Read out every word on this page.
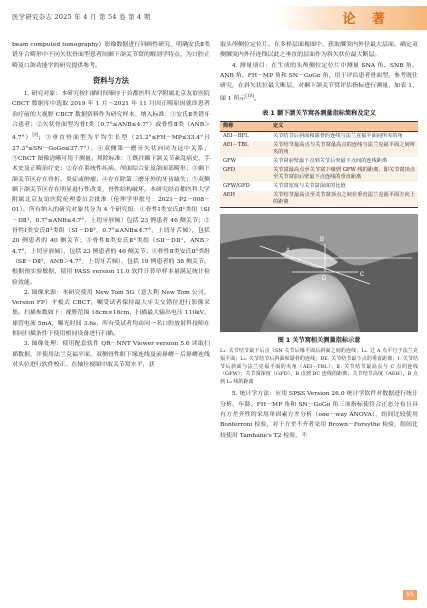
医学研究杂志 2025 年 4 月 第 54 卷 第 4 期	论 著

beam computed tomography）影像数据进行回顾性研究，明确安氏Ⅱ类错牙合畸形中不同矢状骨面型患者间颞下颌关节窝的解剖学特点，为口腔正畸及口颌功能学的研究提供参考。

资料与方法

1. 研究对象：本研究按扫描时间顺序于首都医科大学附属北京友谊医院 CBCT 数据库中选取 2019 年 1 月～2021 年 11 月因正畸原因就诊患者治疗前的大视野 CBCT 数据资料作为研究样本。纳入标准：①安氏Ⅱ类错牙合患者；②矢状骨面型为骨Ⅰ类（0.7°≤ANB≤4.7°）或骨性Ⅱ类（ANB＞4.7°）[9]；③垂直骨面型为平均生长型（21.2°≤FH－MP≤33.4°且 27.3°≤SN－GoGo≤37.7°）；④双侧第一磨牙矢状向同为远中关系；⑤CBCT 图像清晰可用于测量。排除标准：①既往颞下颌关节紊乱病史、手术史及正畸治疗史；②存在系统性疾病、颅面综合征及颌面部畸形；③颞下颌关节区存在骨折、炎症或肿瘤；④存在除第三磨牙外的牙齿缺失；⑤双侧颞下颌关节区存在明显退行性改变，骨性结构破坏。本研究经首都医科大学附属北京友谊医院伦理委员会批准（伦理学审批号：2021－P2－008－01）。所有纳入的研究对象共分为 4 个研究组：①骨性Ⅰ类安氏Ⅱ¹类组（SⅠ－DⅡ¹，0.7°≤ANB≤4.7°，上切牙唇倾）包括 23 例患者 46 侧关节；②骨性Ⅰ类安氏Ⅱ²类组（SⅠ－DⅡ²，0.7°≤ANB≤4.7°，上切牙舌倾），包括 20 例患者的 40 侧关节；③骨性Ⅱ类安氏Ⅱ¹类组（SⅡ－DⅡ¹，ANB＞4.7°，上切牙唇倾），包括 23 例患者的 46 侧关节；④骨性Ⅱ类安氏Ⅱ²类组（SⅡ－DⅡ²，ANB＞4.7°，上切牙舌倾），包括 19 例患者的 38 侧关节。根据预实验数据，使用 PASS version 11.0 软件计算单样本量满足统计检验效能。

2. 图像来源：本研究使用 New Tom 5G（意大利 New Tom 公司，Version FP）平板式 CBCT，嘱受试者保持最大牙尖交错位进行影像采集。扫描参数如下：视野范围 18cm×16cm，扫描最大输出电压 110kV，球管电流 5mA，曝光时间 3.6s，所有受试者均由同一名口腔放射科技师在相同扫描条件下使用相同设备进行扫描。

3. 图像处理：使用配套软件 QR－NNT Viewer version 5.6 读取扫描数据，并使用法兰克福平面、双侧骨性眶下缘连线及前鼻嵴－后鼻嵴连线对头位进行软件校正。在轴位视图中取关节窝水平，获

取头颅侧位定位片。在多样层面视图中，获取髁突内外径最大层面，确定双侧髁突内外径连线以此之垂直的层面作为斜矢状位最大断层。

4. 测量项目：在生成的头颅侧位定位片中测量 SNA 角、SNB 角、ANB 角、FH－MP 角和 SN－GoGo 角，用于评估患者骨面型。参考既往研究，在斜矢状位最大断层，对颞下颌关节窝评估指标进行测量，如表 1、图 1 所示[10]。

表 1 颞下颌关节窝各测量指标简称及定义
简称	定义
AEI－BFL	关节结节后斜面和颌骨的连线与法兰克福平面间所夹的角
AEI－TBL	关节结节最高点与关节窝最高点的连线与法兰克福平面之间所夹的角
GFW	关节窝前壁最下点到关节后突最下点间的连线距离
GFD	关节窝最高点至关节窝下缘到 GFW 线的距离，即关节窝顶点至关节窝前后壁最下点连线的垂直距离
GFW/GFD	关节窝宽度与关节窝深度的比值
AEH	关节结节最高点至关节窝顶点之间在垂直法兰克福平面方向上的距离
A
B
C
D
图 1 关节窝相关测量指标示意
L₁. 关节结节最下后点（SN 关节后缘平面后斜面之间的连线；L₂. 过 A 点平行于法兰克福平面；L₃. 关节结节后斜面和颌骨的连线；DE. 关节结节最下点的垂直距离；Ⅰ. 关节结节后斜面与法兰克福平面的夹角（AEI－TBL）；Ⅱ. 关节结节最高点与 C 点的连线（GFW）；关节窝深度（GFD），B 点到 BC 连线的距离；关节结节高度（AEH），B 点到 L₂ 线的距离

5. 统计学方法：应用 SPSS Version 26.0 统计学软件对数据进行统计分析。年龄、FH－MP 角和 SN－GoGo 角三项指标使符合正态分布且具有方差齐性的采用单因素方差分析（one－way ANOVA），组间比较使用 Bonferroni 检验，对于方差不齐者采用 Brown－Forsythe 检验，组间比较使用 Tamhane's T2 检验，不

95
